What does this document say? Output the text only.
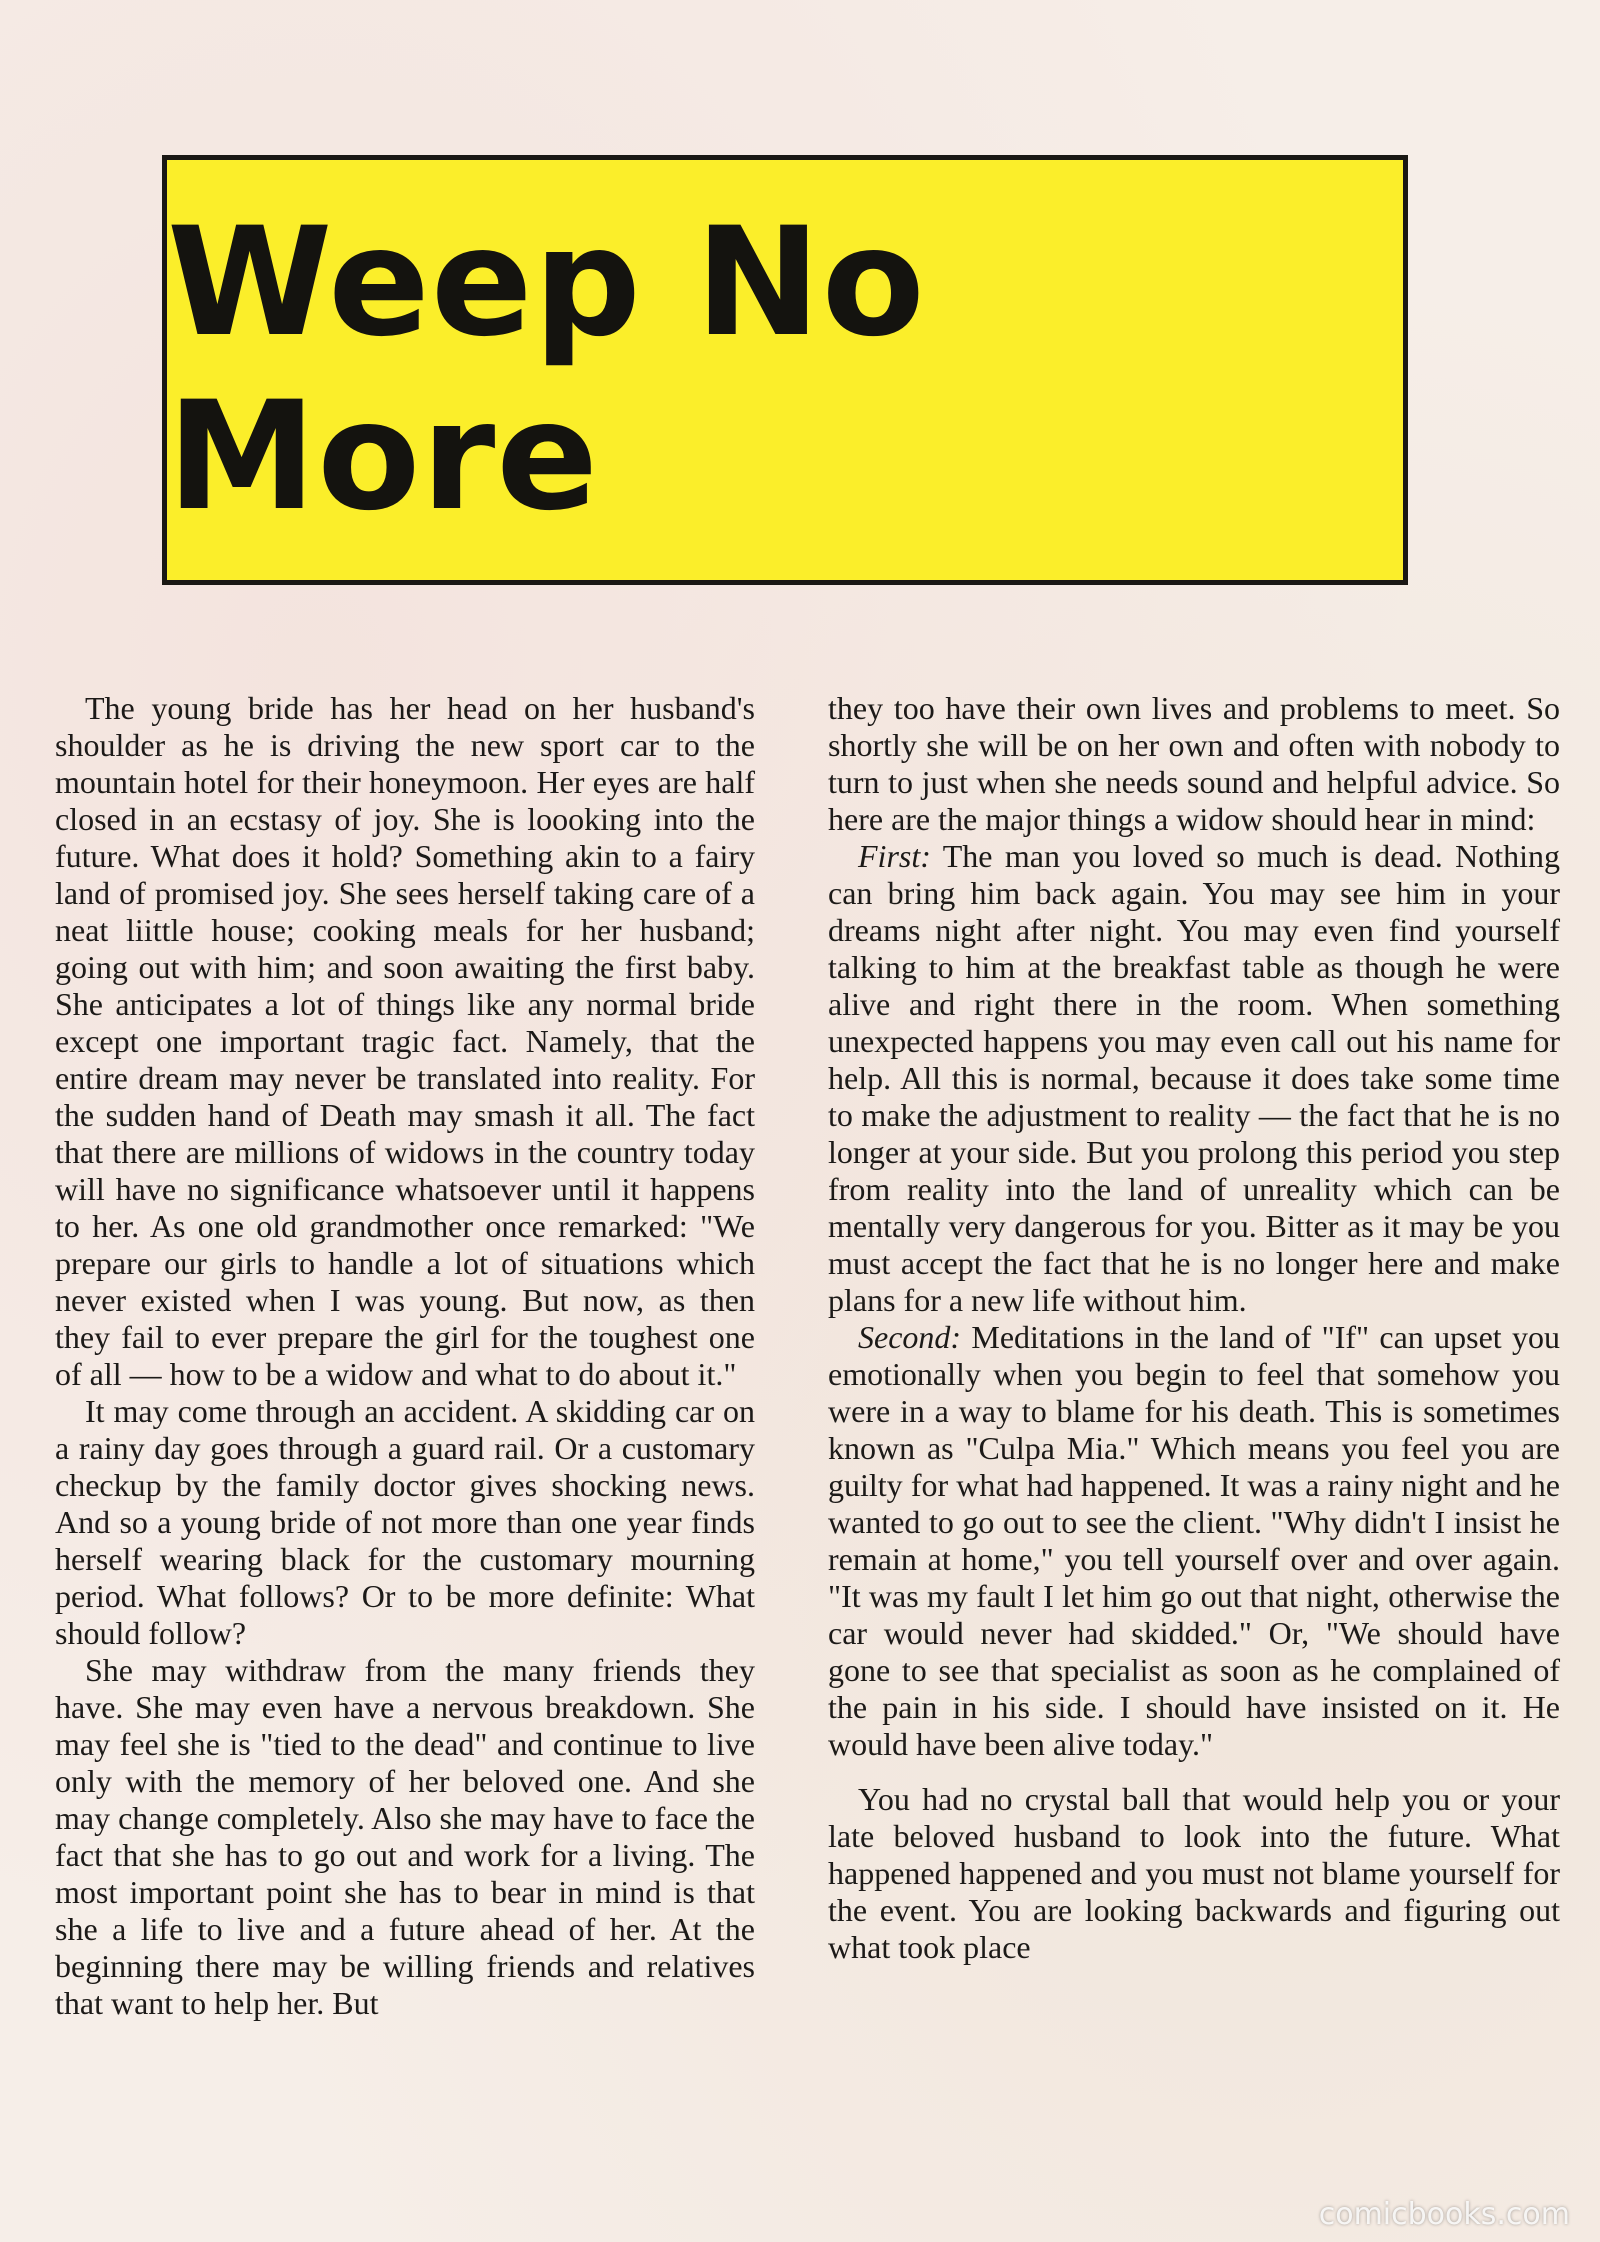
Weep No More

The young bride has her head on her husband's shoulder as he is driving the new sport car to the mountain hotel for their honeymoon. Her eyes are half closed in an ecstasy of joy. She is loooking into the future. What does it hold? Something akin to a fairy land of promised joy. She sees herself taking care of a neat liittle house; cooking meals for her husband; going out with him; and soon awaiting the first baby. She anticipates a lot of things like any normal bride except one important tragic fact. Namely, that the entire dream may never be translated into reality. For the sudden hand of Death may smash it all. The fact that there are millions of widows in the country today will have no significance whatsoever until it happens to her. As one old grandmother once remarked: "We prepare our girls to handle a lot of situations which never existed when I was young. But now, as then they fail to ever prepare the girl for the toughest one of all — how to be a widow and what to do about it."

It may come through an accident. A skidding car on a rainy day goes through a guard rail. Or a customary checkup by the family doctor gives shocking news. And so a young bride of not more than one year finds herself wearing black for the customary mourning period. What follows? Or to be more definite: What should follow?

She may withdraw from the many friends they have. She may even have a nervous breakdown. She may feel she is "tied to the dead" and continue to live only with the memory of her beloved one. And she may change completely. Also she may have to face the fact that she has to go out and work for a living. The most important point she has to bear in mind is that she a life to live and a future ahead of her. At the beginning there may be willing friends and relatives that want to help her. But

they too have their own lives and problems to meet. So shortly she will be on her own and often with nobody to turn to just when she needs sound and helpful advice. So here are the major things a widow should hear in mind:

First: The man you loved so much is dead. Nothing can bring him back again. You may see him in your dreams night after night. You may even find yourself talking to him at the breakfast table as though he were alive and right there in the room. When something unexpected happens you may even call out his name for help. All this is normal, because it does take some time to make the adjustment to reality — the fact that he is no longer at your side. But you prolong this period you step from reality into the land of unreality which can be mentally very dangerous for you. Bitter as it may be you must accept the fact that he is no longer here and make plans for a new life without him.

Second: Meditations in the land of "If" can upset you emotionally when you begin to feel that somehow you were in a way to blame for his death. This is sometimes known as "Culpa Mia." Which means you feel you are guilty for what had happened. It was a rainy night and he wanted to go out to see the client. "Why didn't I insist he remain at home," you tell yourself over and over again. "It was my fault I let him go out that night, otherwise the car would never had skidded." Or, "We should have gone to see that specialist as soon as he complained of the pain in his side. I should have insisted on it. He would have been alive today."

You had no crystal ball that would help you or your late beloved husband to look into the future. What happened happened and you must not blame yourself for the event. You are looking backwards and figuring out what took place

comicbooks.com
